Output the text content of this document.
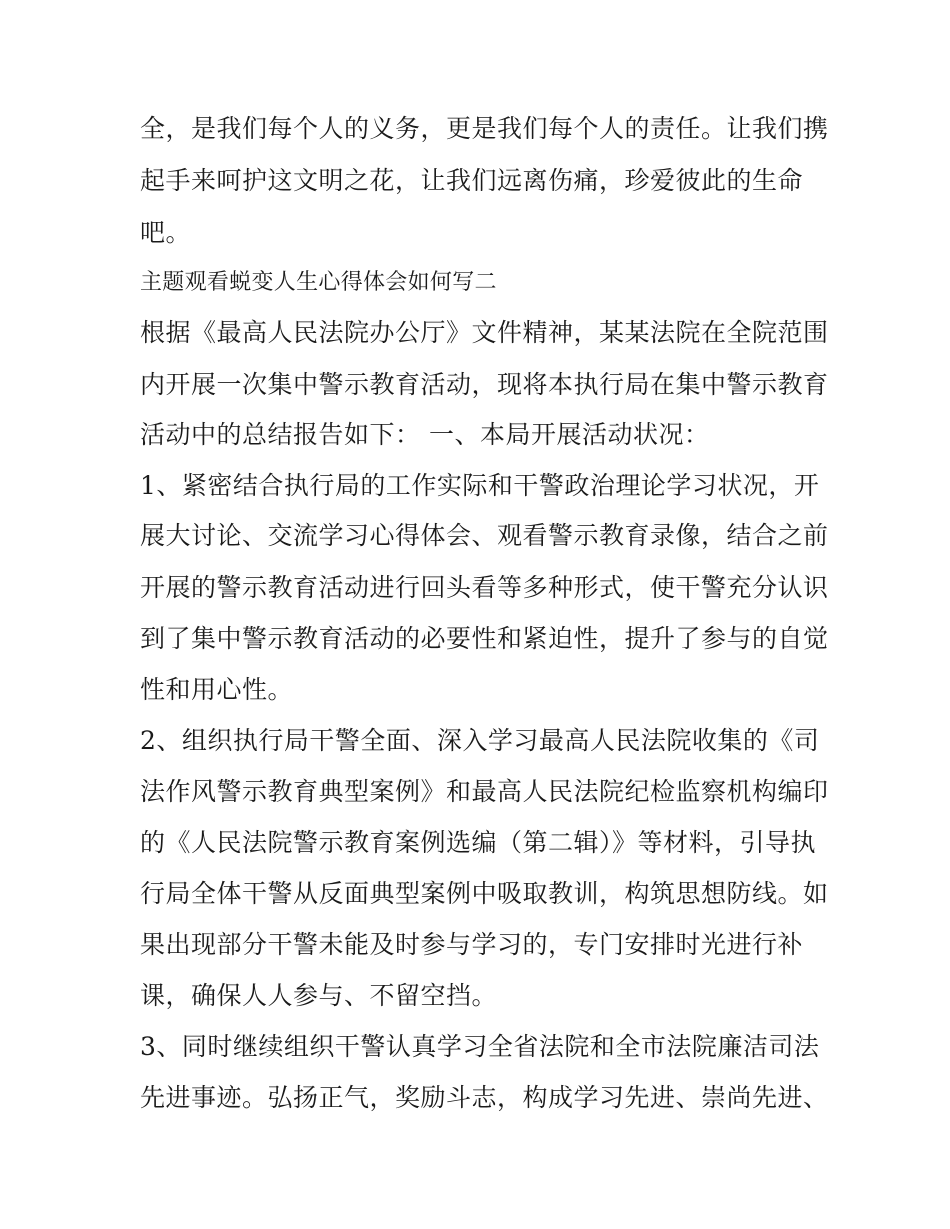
全，是我们每个人的义务，更是我们每个人的责任。让我们携
起手来呵护这文明之花，让我们远离伤痛，珍爱彼此的生命
吧。
主题观看蜕变人生心得体会如何写二
根据《最高人民法院办公厅》文件精神，某某法院在全院范围
内开展一次集中警示教育活动，现将本执行局在集中警示教育
活动中的总结报告如下： 一、本局开展活动状况：
1、紧密结合执行局的工作实际和干警政治理论学习状况，开
展大讨论、交流学习心得体会、观看警示教育录像，结合之前
开展的警示教育活动进行回头看等多种形式，使干警充分认识
到了集中警示教育活动的必要性和紧迫性，提升了参与的自觉
性和用心性。
2、组织执行局干警全面、深入学习最高人民法院收集的《司
法作风警示教育典型案例》和最高人民法院纪检监察机构编印
的《人民法院警示教育案例选编（第二辑）》等材料，引导执
行局全体干警从反面典型案例中吸取教训，构筑思想防线。如
果出现部分干警未能及时参与学习的，专门安排时光进行补
课，确保人人参与、不留空挡。
3、同时继续组织干警认真学习全省法院和全市法院廉洁司法
先进事迹。弘扬正气，奖励斗志，构成学习先进、崇尚先进、
